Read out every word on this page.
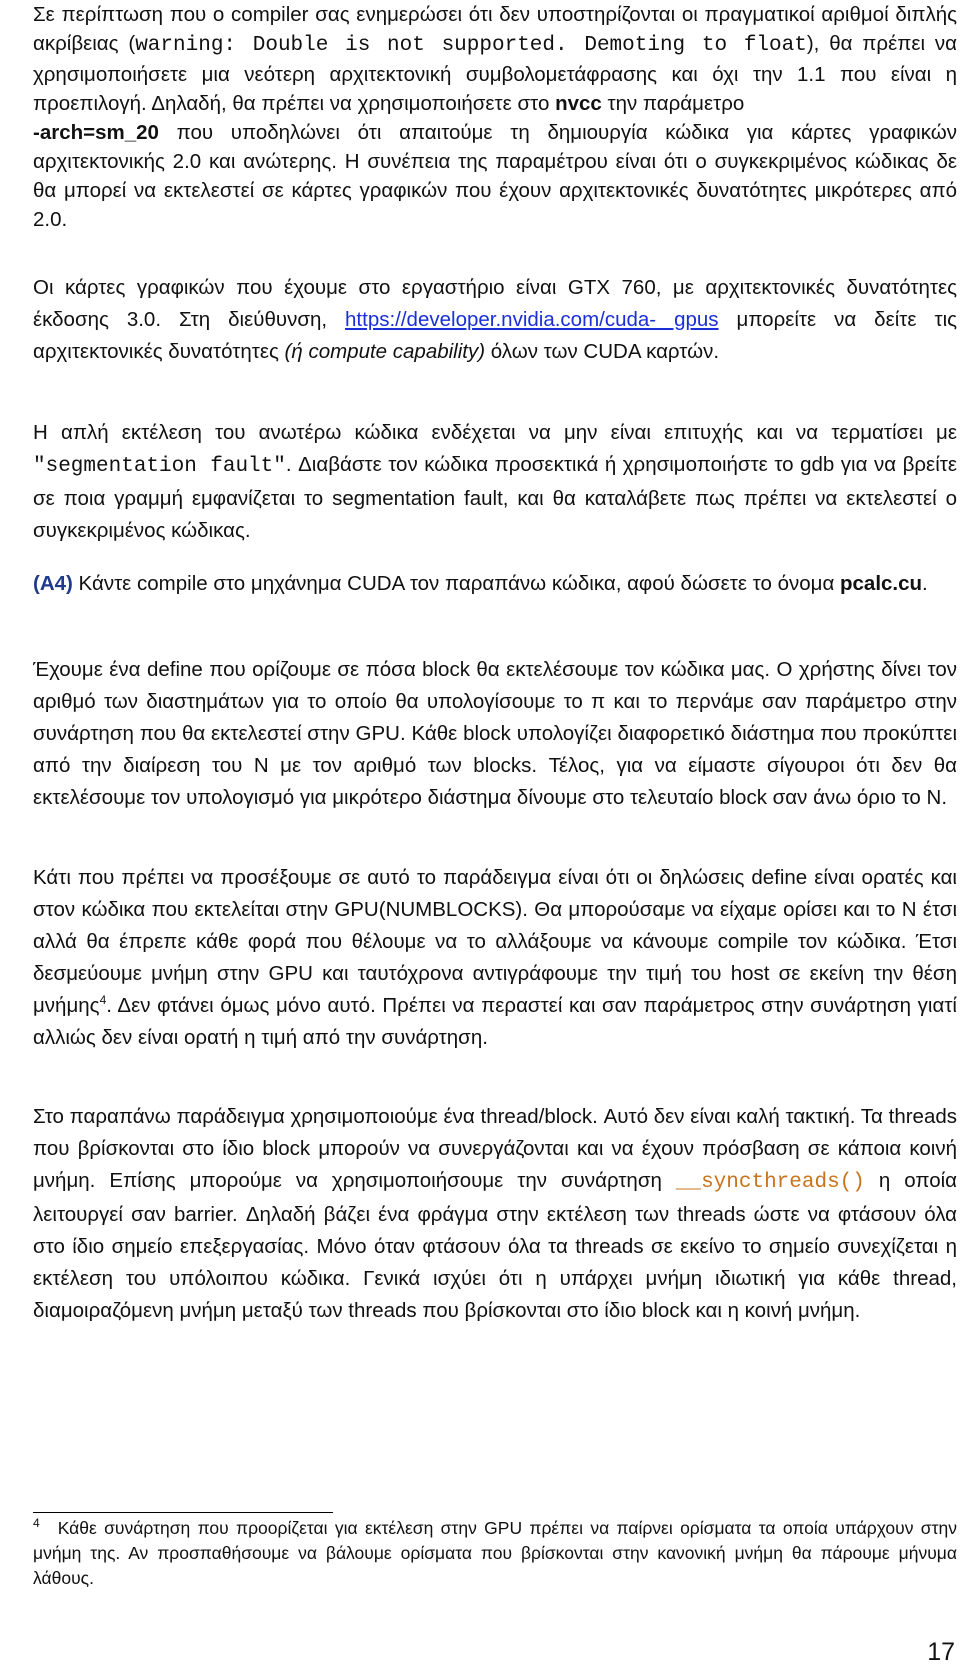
Σε περίπτωση που ο compiler σας ενημερώσει ότι δεν υποστηρίζονται οι πραγματικοί αριθμοί διπλής ακρίβειας (warning: Double is not supported. Demoting to float), θα πρέπει να χρησιμοποιήσετε μια νεότερη αρχιτεκτονική συμβολομετάφρασης και όχι την 1.1 που είναι η προεπιλογή. Δηλαδή, θα πρέπει να χρησιμοποιήσετε στο nvcc την παράμετρο
-arch=sm_20 που υποδηλώνει ότι απαιτούμε τη δημιουργία κώδικα για κάρτες γραφικών αρχιτεκτονικής 2.0 και ανώτερης. Η συνέπεια της παραμέτρου είναι ότι ο συγκεκριμένος κώδικας δε θα μπορεί να εκτελεστεί σε κάρτες γραφικών που έχουν αρχιτεκτονικές δυνατότητες μικρότερες από 2.0.

Οι κάρτες γραφικών που έχουμε στο εργαστήριο είναι GTX 760, με αρχιτεκτονικές δυνατότητες έκδοσης 3.0. Στη διεύθυνση, https://developer.nvidia.com/cuda- gpus μπορείτε να δείτε τις αρχιτεκτονικές δυνατότητες (ή compute capability) όλων των CUDA καρτών.

Η απλή εκτέλεση του ανωτέρω κώδικα ενδέχεται να μην είναι επιτυχής και να τερματίσει με "segmentation fault". Διαβάστε τον κώδικα προσεκτικά ή χρησιμοποιήστε το gdb για να βρείτε σε ποια γραμμή εμφανίζεται το segmentation fault, και θα καταλάβετε πως πρέπει να εκτελεστεί ο συγκεκριμένος κώδικας.

(A4) Κάντε compile στο μηχάνημα CUDA τον παραπάνω κώδικα, αφού δώσετε το όνομα pcalc.cu.

Έχουμε ένα define που ορίζουμε σε πόσα block θα εκτελέσουμε τον κώδικα μας. Ο χρήστης δίνει τον αριθμό των διαστημάτων για το οποίο θα υπολογίσουμε το π και το περνάμε σαν παράμετρο στην συνάρτηση που θα εκτελεστεί στην GPU. Κάθε block υπολογίζει διαφορετικό διάστημα που προκύπτει από την διαίρεση του N με τον αριθμό των blocks. Τέλος, για να είμαστε σίγουροι ότι δεν θα εκτελέσουμε τον υπολογισμό για μικρότερο διάστημα δίνουμε στο τελευταίο block σαν άνω όριο το N.

Κάτι που πρέπει να προσέξουμε σε αυτό το παράδειγμα είναι ότι οι δηλώσεις define είναι ορατές και στον κώδικα που εκτελείται στην GPU(NUMBLOCKS). Θα μπορούσαμε να είχαμε ορίσει και το N έτσι αλλά θα έπρεπε κάθε φορά που θέλουμε να το αλλάξουμε να κάνουμε compile τον κώδικα. Έτσι δεσμεύουμε μνήμη στην GPU και ταυτόχρονα αντιγράφουμε την τιμή του host σε εκείνη την θέση μνήμης$^4$. Δεν φτάνει όμως μόνο αυτό. Πρέπει να περαστεί και σαν παράμετρος στην συνάρτηση γιατί αλλιώς δεν είναι ορατή η τιμή από την συνάρτηση.

Στο παραπάνω παράδειγμα χρησιμοποιούμε ένα thread/block. Αυτό δεν είναι καλή τακτική. Τα threads που βρίσκονται στο ίδιο block μπορούν να συνεργάζονται και να έχουν πρόσβαση σε κάποια κοινή μνήμη. Επίσης μπορούμε να χρησιμοποιήσουμε την συνάρτηση __syncthreads() η οποία λειτουργεί σαν barrier. Δηλαδή βάζει ένα φράγμα στην εκτέλεση των threads ώστε να φτάσουν όλα στο ίδιο σημείο επεξεργασίας. Μόνο όταν φτάσουν όλα τα threads σε εκείνο το σημείο συνεχίζεται η εκτέλεση του υπόλοιπου κώδικα. Γενικά ισχύει ότι η υπάρχει μνήμη ιδιωτική για κάθε thread, διαμοιραζόμενη μνήμη μεταξύ των threads που βρίσκονται στο ίδιο block και η κοινή μνήμη.

$^4$ Κάθε συνάρτηση που προορίζεται για εκτέλεση στην GPU πρέπει να παίρνει ορίσματα τα οποία υπάρχουν στην μνήμη της. Αν προσπαθήσουμε να βάλουμε ορίσματα που βρίσκονται στην κανονική μνήμη θα πάρουμε μήνυμα λάθους.
17
